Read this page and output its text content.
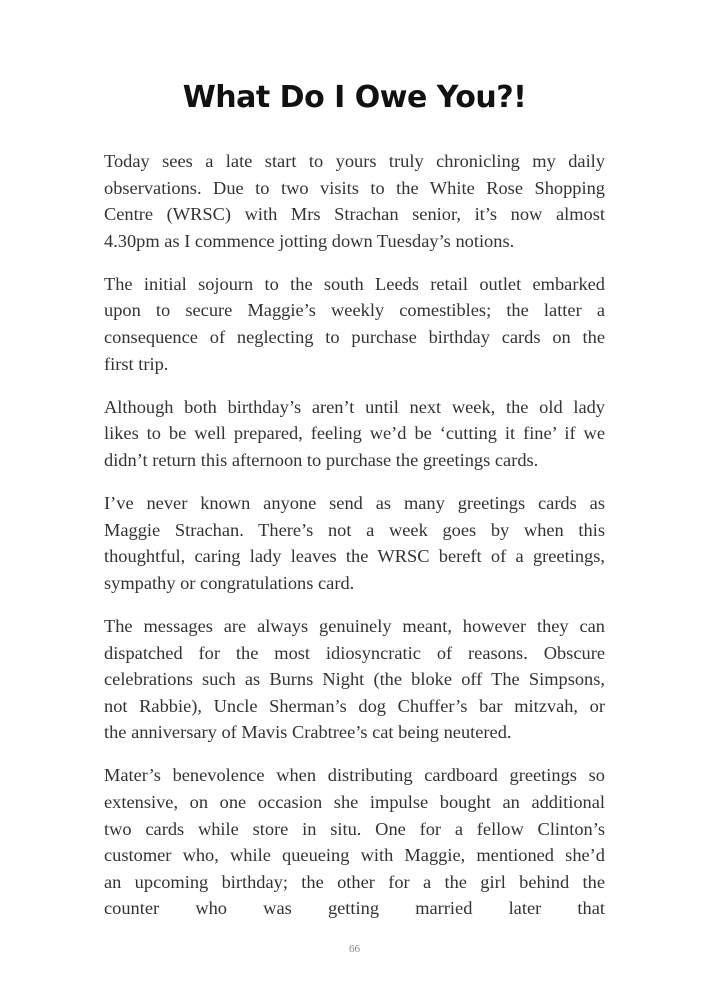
What Do I Owe You?!

Today sees a late start to yours truly chronicling my daily
observations. Due to two visits to the White Rose Shopping
Centre (WRSC) with Mrs Strachan senior, it’s now almost
4.30pm as I commence jotting down Tuesday’s notions.

The initial sojourn to the south Leeds retail outlet embarked
upon to secure Maggie’s weekly comestibles; the latter a
consequence of neglecting to purchase birthday cards on the
first trip.

Although both birthday’s aren’t until next week, the old lady
likes to be well prepared, feeling we’d be ‘cutting it fine’ if we
didn’t return this afternoon to purchase the greetings cards.

I’ve never known anyone send as many greetings cards as
Maggie Strachan. There’s not a week goes by when this
thoughtful, caring lady leaves the WRSC bereft of a greetings,
sympathy or congratulations card.

The messages are always genuinely meant, however they can
dispatched for the most idiosyncratic of reasons. Obscure
celebrations such as Burns Night (the bloke off The Simpsons,
not Rabbie), Uncle Sherman’s dog Chuffer’s bar mitzvah, or
the anniversary of Mavis Crabtree’s cat being neutered.

Mater’s benevolence when distributing cardboard greetings so
extensive, on one occasion she impulse bought an additional
two cards while store in situ. One for a fellow Clinton’s
customer who, while queueing with Maggie, mentioned she’d
an upcoming birthday; the other for a the girl behind the
counter who was getting married later that

66
